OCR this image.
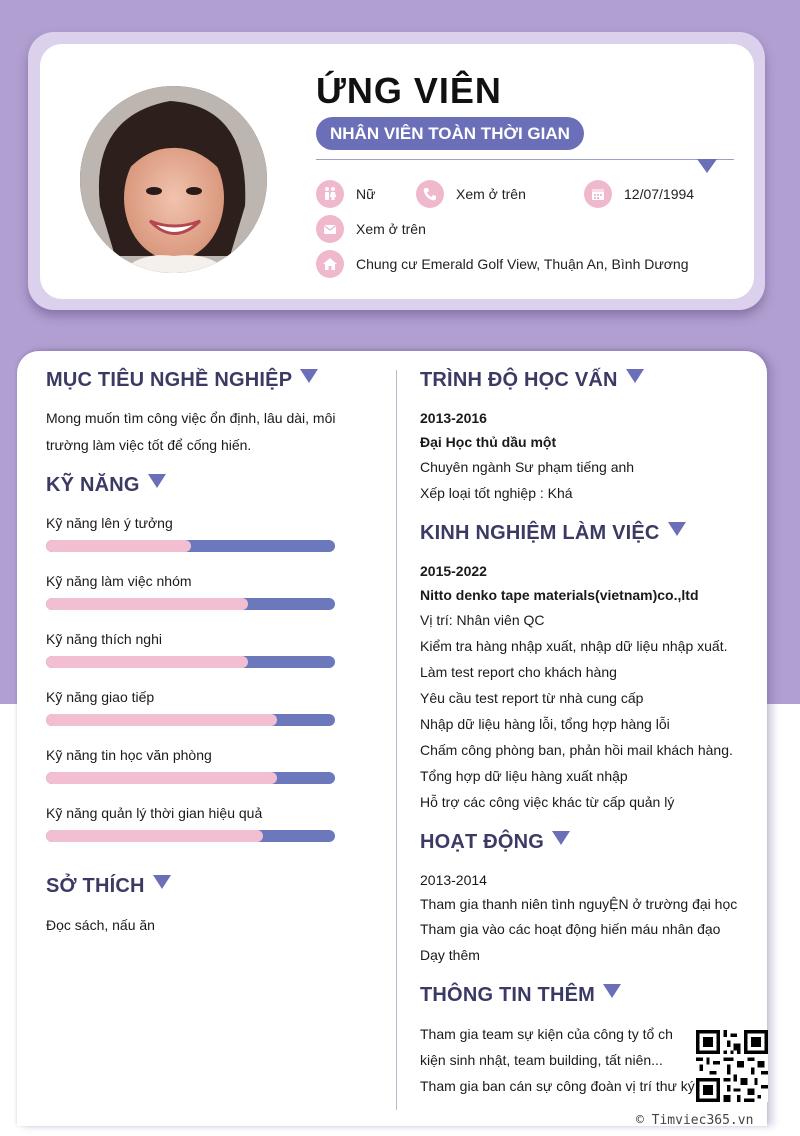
ỨNG VIÊN
NHÂN VIÊN TOÀN THỜI GIAN
Nữ	Xem ở trên	12/07/1994
Xem ở trên
Chung cư Emerald Golf View, Thuận An, Bình Dương
MỤC TIÊU NGHỀ NGHIỆP
Mong muốn tìm công việc ổn định, lâu dài, môi
trường làm việc tốt để cống hiến.
KỸ NĂNG
Kỹ năng lên ý tưởng
Kỹ năng làm việc nhóm
Kỹ năng thích nghi
Kỹ năng giao tiếp
Kỹ năng tin học văn phòng
Kỹ năng quản lý thời gian hiệu quả
SỞ THÍCH
Đọc sách, nấu ăn
TRÌNH ĐỘ HỌC VẤN
2013-2016
Đại Học thủ dầu một
Chuyên ngành Sư phạm tiếng anh
Xếp loại tốt nghiệp : Khá
KINH NGHIỆM LÀM VIỆC
2015-2022
Nitto denko tape materials(vietnam)co.,ltd
Vị trí: Nhân viên QC
Kiểm tra hàng nhập xuất, nhập dữ liệu nhập xuất.
Làm test report cho khách hàng
Yêu cầu test report từ nhà cung cấp
Nhập dữ liệu hàng lỗi, tổng hợp hàng lỗi
Chấm công phòng ban, phản hồi mail khách hàng.
Tổng hợp dữ liệu hàng xuất nhập
Hỗ trợ các công việc khác từ cấp quản lý
HOẠT ĐỘNG
2013-2014
Tham gia thanh niên tình nguyỆN ở trường đại học
Tham gia vào các hoạt động hiến máu nhân đạo
Dạy thêm
THÔNG TIN THÊM
Tham gia team sự kiện của công ty tổ ch
kiện sinh nhật, team building, tất niên...
Tham gia ban cán sự công đoàn vị trí thư ký
© Timviec365.vn
